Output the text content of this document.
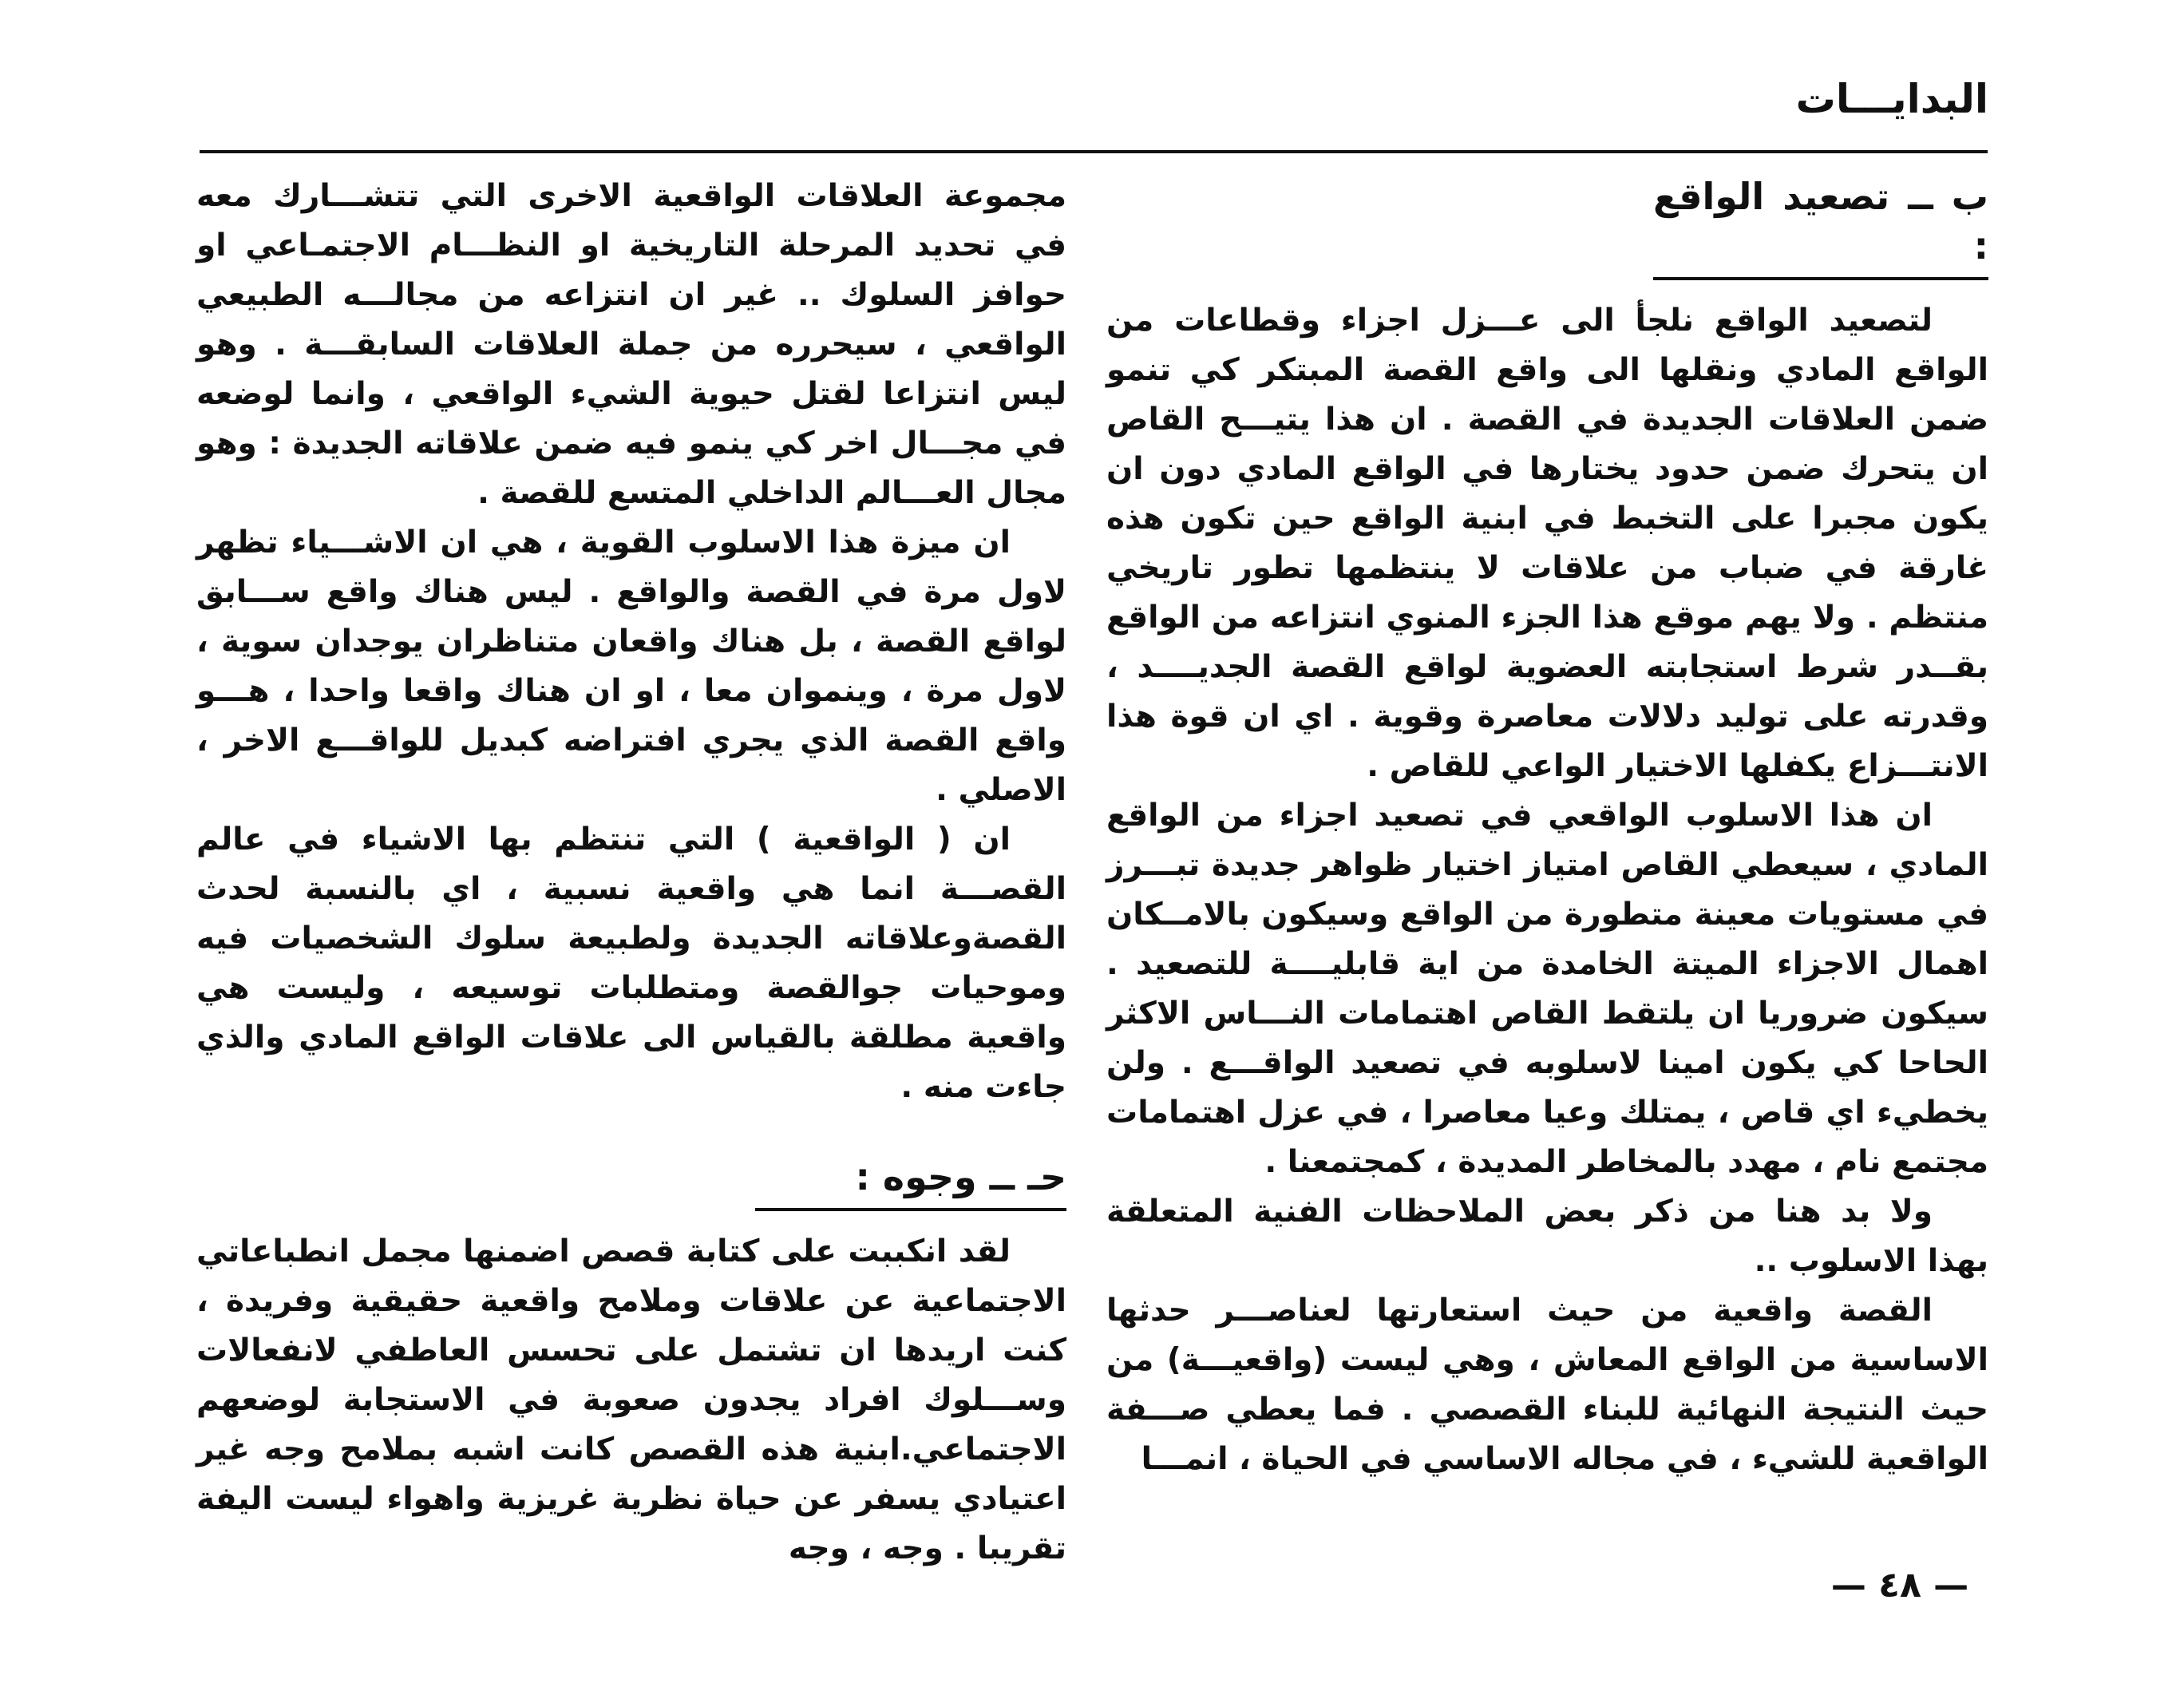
البدايـــات
ب ــ تصعيد الواقع :

لتصعيد الواقع نلجأ الى عـــزل اجزاء وقطاعات من الواقع المادي ونقلها الى واقع القصة المبتكر كي تنمو ضمن العلاقات الجديدة في القصة . ان هذا يتيـــح القاص ان يتحرك ضمن حدود يختارها في الواقع المادي دون ان يكون مجبرا على التخبط في ابنية الواقع حين تكون هذه غارقة في ضباب من علاقات لا ينتظمها تطور تاريخي منتظم . ولا يهم موقع هذا الجزء المنوي انتزاعه من الواقع بقــدر شرط استجابته العضوية لواقع القصة الجديــــد ، وقدرته على توليد دلالات معاصرة وقوية . اي ان قوة هذا الانتـــزاع يكفلها الاختيار الواعي للقاص .

ان هذا الاسلوب الواقعي في تصعيد اجزاء من الواقع المادي ، سيعطي القاص امتياز اختيار ظواهر جديدة تبـــرز في مستويات معينة متطورة من الواقع وسيكون بالامــكان اهمال الاجزاء الميتة الخامدة من اية قابليــــة للتصعيد . سيكون ضروريا ان يلتقط القاص اهتمامات النـــاس الاكثر الحاحا كي يكون امينا لاسلوبه في تصعيد الواقـــع . ولن يخطيء اي قاص ، يمتلك وعيا معاصرا ، في عزل اهتمامات مجتمع نام ، مهدد بالمخاطر المديدة ، كمجتمعنا .

ولا بد هنا من ذكر بعض الملاحظات الفنية المتعلقة بهذا الاسلوب ..

القصة واقعية من حيث استعارتها لعناصـــر حدثها الاساسية من الواقع المعاش ، وهي ليست (واقعيـــة) من حيث النتيجة النهائية للبناء القصصي . فما يعطي صـــفة الواقعية للشيء ، في مجاله الاساسي في الحياة ، انمـــا

مجموعة العلاقات الواقعية الاخرى التي تتشـــارك معه في تحديد المرحلة التاريخية او النظـــام الاجتمـاعي او حوافز السلوك .. غير ان انتزاعه من مجالـــه الطبيعي الواقعي ، سيحرره من جملة العلاقات السابقـــة . وهو ليس انتزاعا لقتل حيوية الشيء الواقعي ، وانما لوضعه في مجـــال اخر كي ينمو فيه ضمن علاقاته الجديدة : وهو مجال العـــالم الداخلي المتسع للقصة .

ان ميزة هذا الاسلوب القوية ، هي ان الاشـــياء تظهر لاول مرة في القصة والواقع . ليس هناك واقع ســـابق لواقع القصة ، بل هناك واقعان متناظران يوجدان سوية ، لاول مرة ، وينموان معا ، او ان هناك واقعا واحدا ، هـــو واقع القصة الذي يجري افتراضه كبديل للواقـــع الاخر ، الاصلي .

ان ( الواقعية ) التي تنتظم بها الاشياء في عالم القصـــة انما هي واقعية نسبية ، اي بالنسبة لحدث القصةوعلاقاته الجديدة ولطبيعة سلوك الشخصيات فيه وموحيات جوالقصة ومتطلبات توسيعه ، وليست هي واقعية مطلقة بالقياس الى علاقات الواقع المادي والذي جاءت منه .

حـ ــ وجوه :

لقد انكببت على كتابة قصص اضمنها مجمل انطباعاتي الاجتماعية عن علاقات وملامح واقعية حقيقية وفريدة ، كنت اريدها ان تشتمل على تحسس العاطفي لانفعالات وســـلوك افراد يجدون صعوبة في الاستجابة لوضعهم الاجتماعي.ابنية هذه القصص كانت اشبه بملامح وجه غير اعتيادي يسفر عن حياة نظرية غريزية واهواء ليست اليفة تقريبا . وجه ، وجه

— ٤٨ —
